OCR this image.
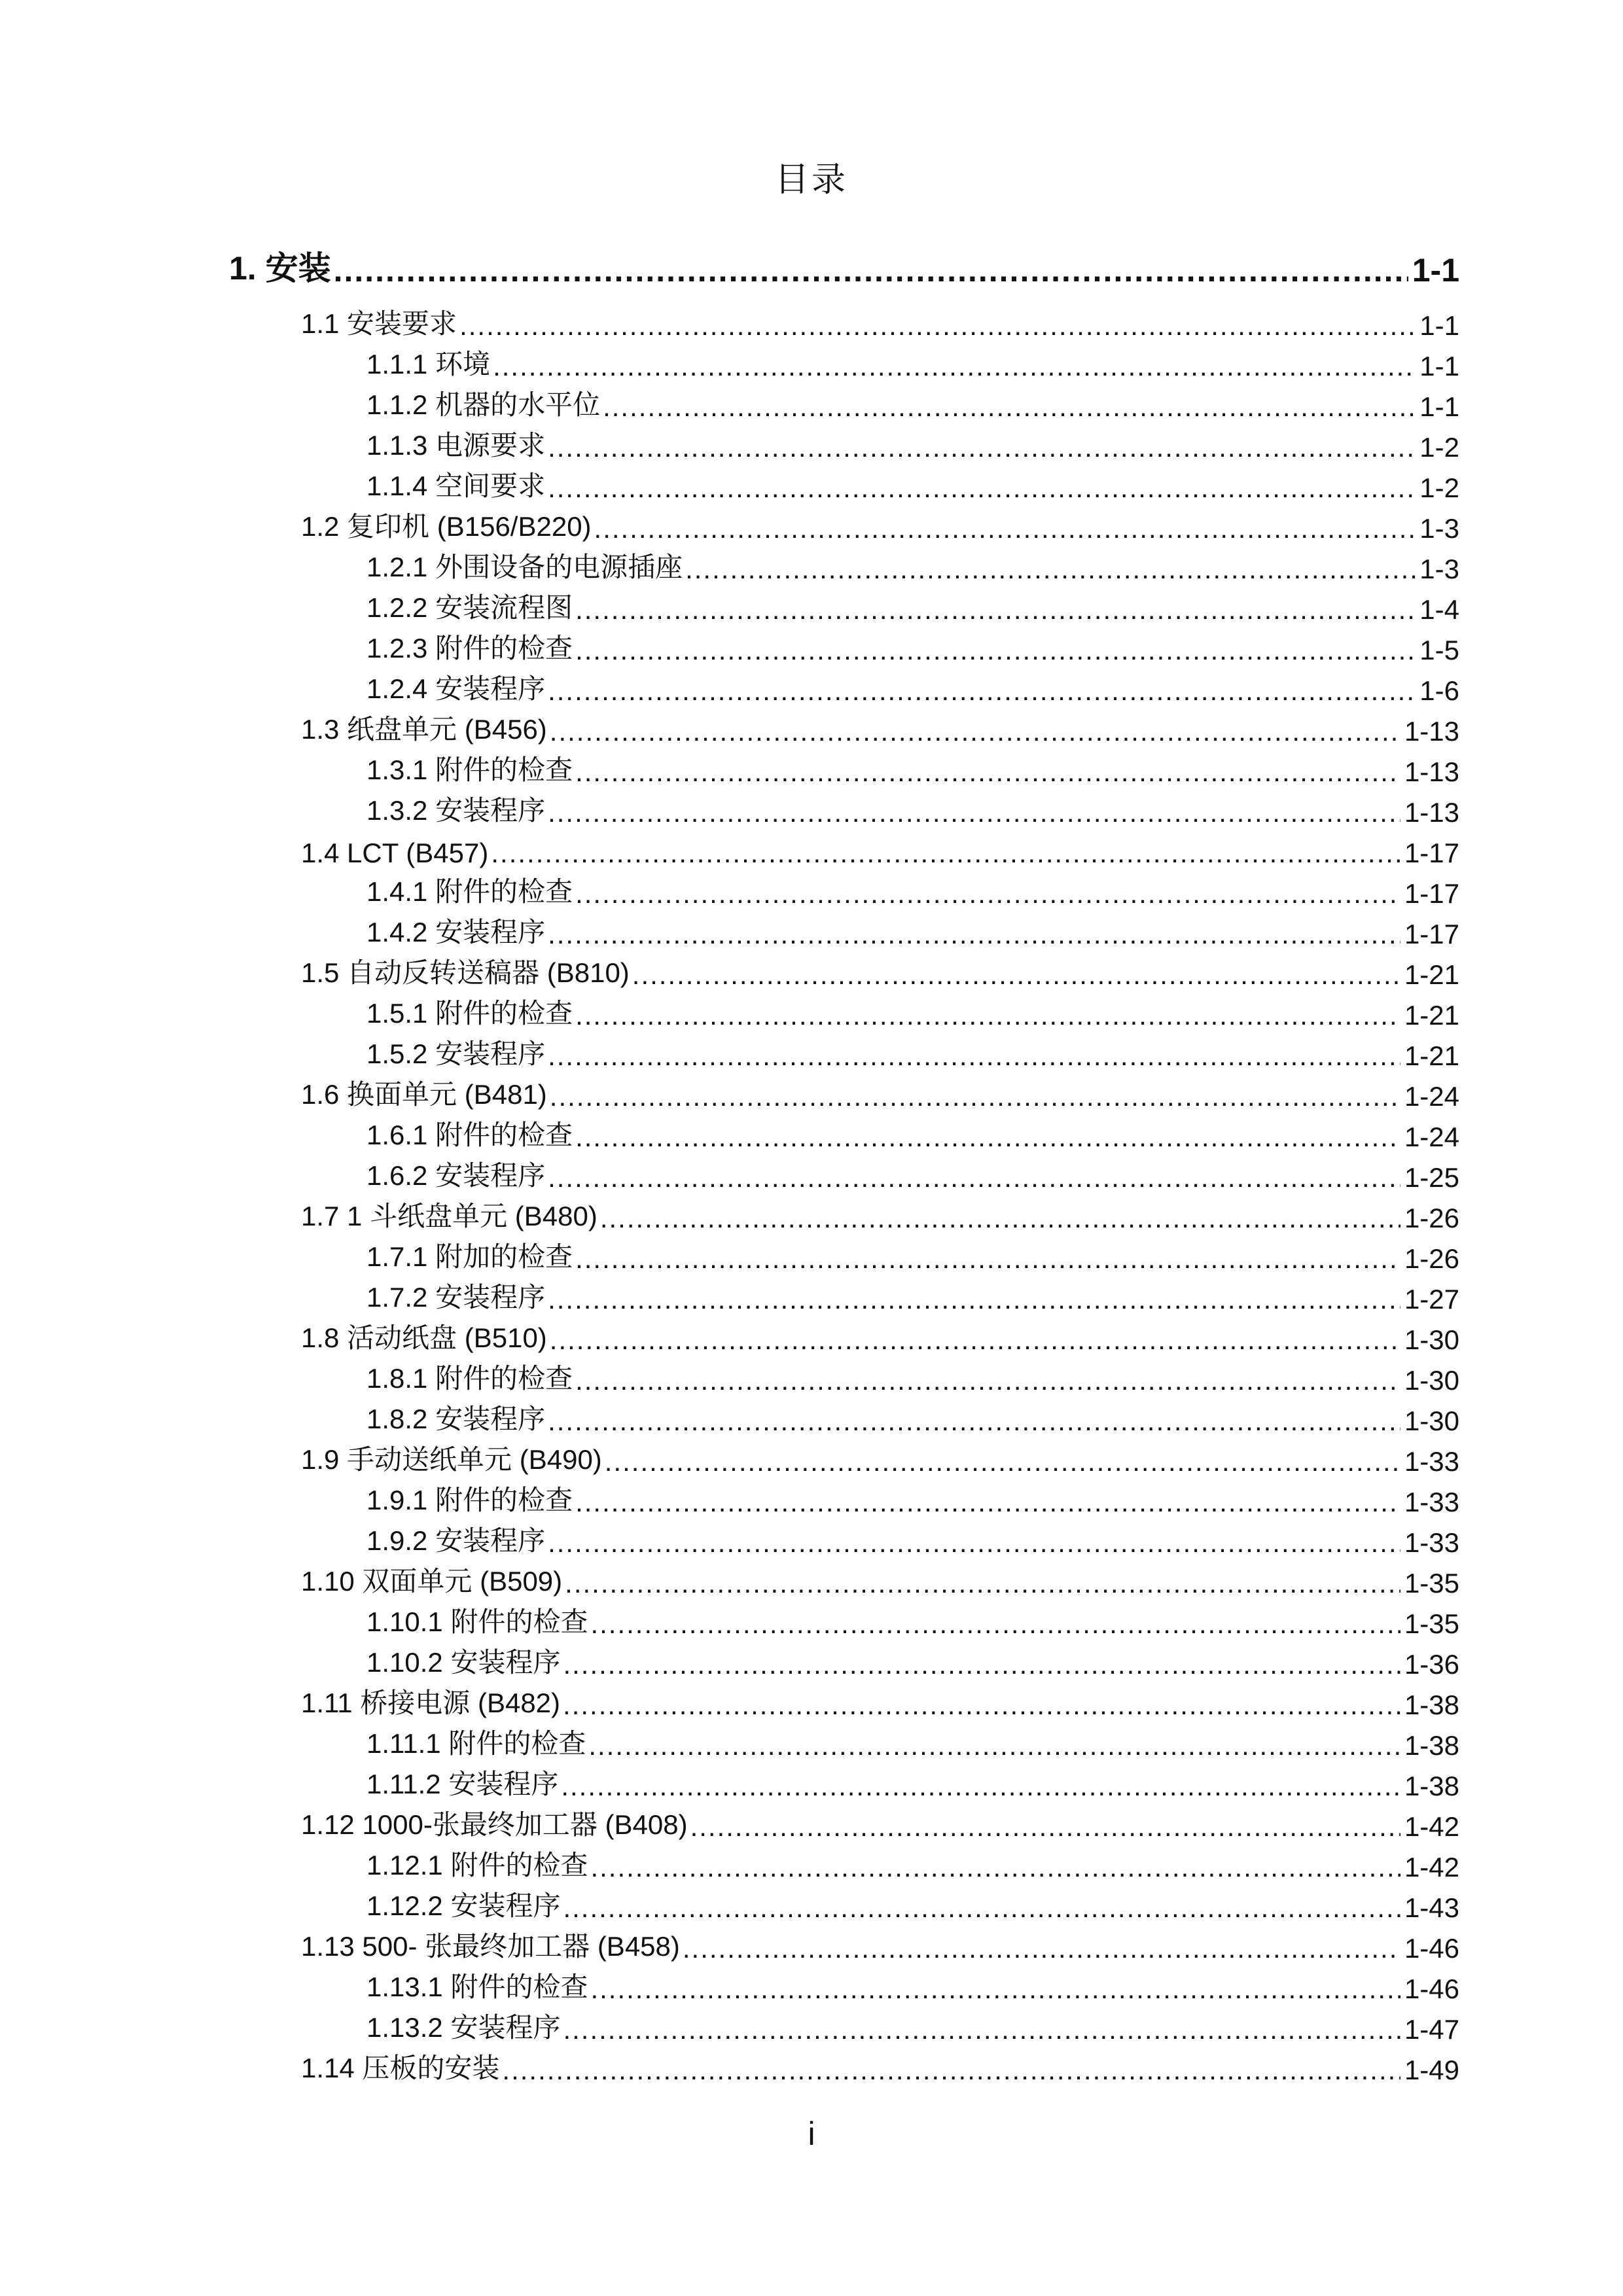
目录
1. 安装 .....	1-1
1.1 安装要求 .....	1-1
1.1.1 环境 .....	1-1
1.1.2 机器的水平位 .....	1-1
1.1.3 电源要求 .....	1-2
1.1.4 空间要求 .....	1-2
1.2 复印机 (B156/B220) .....	1-3
1.2.1 外围设备的电源插座 .....	1-3
1.2.2 安装流程图 .....	1-4
1.2.3 附件的检查 .....	1-5
1.2.4 安装程序 .....	1-6
1.3 纸盘单元 (B456) .....	1-13
1.3.1 附件的检查 .....	1-13
1.3.2 安装程序 .....	1-13
1.4 LCT (B457) .....	1-17
1.4.1 附件的检查 .....	1-17
1.4.2 安装程序 .....	1-17
1.5 自动反转送稿器 (B810) .....	1-21
1.5.1 附件的检查 .....	1-21
1.5.2 安装程序 .....	1-21
1.6 换面单元 (B481) .....	1-24
1.6.1 附件的检查 .....	1-24
1.6.2 安装程序 .....	1-25
1.7 1 斗纸盘单元 (B480) .....	1-26
1.7.1 附加的检查 .....	1-26
1.7.2 安装程序 .....	1-27
1.8 活动纸盘 (B510) .....	1-30
1.8.1 附件的检查 .....	1-30
1.8.2 安装程序 .....	1-30
1.9 手动送纸单元 (B490) .....	1-33
1.9.1 附件的检查 .....	1-33
1.9.2 安装程序 .....	1-33
1.10 双面单元 (B509) .....	1-35
1.10.1 附件的检查 .....	1-35
1.10.2 安装程序 .....	1-36
1.11 桥接电源 (B482) .....	1-38
1.11.1 附件的检查 .....	1-38
1.11.2 安装程序 .....	1-38
1.12 1000-张最终加工器 (B408) .....	1-42
1.12.1 附件的检查 .....	1-42
1.12.2 安装程序 .....	1-43
1.13 500- 张最终加工器 (B458) .....	1-46
1.13.1 附件的检查 .....	1-46
1.13.2 安装程序 .....	1-47
1.14 压板的安装 .....	1-49
i
